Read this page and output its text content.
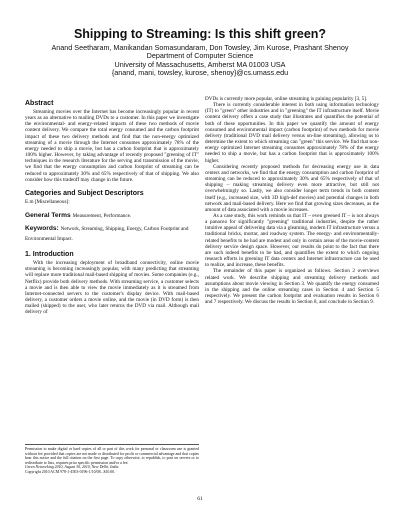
Shipping to Streaming: Is this shift green?
Anand Seetharam, Manikandan Somasundaram, Don Towsley, Jim Kurose, Prashant Shenoy
Department of Computer Science
University of Massachusetts, Amherst MA 01003 USA
{anand, mani, towsley, kurose, shenoy}@cs.umass.edu
Abstract

Streaming movies over the Internet has become increasingly popular in recent years as an alternative to mailing DVDs to a customer. In this paper we investigate the environmental- and energy-related impacts of these two methods of movie content delivery. We compare the total energy consumed and the carbon footprint impact of these two delivery methods and find that the non-energy optimized streaming of a movie through the Internet consumes approximately 78% of the energy needed to ship a movie, but has a carbon footprint that is approximately 100% higher. However, by taking advantage of recently proposed "greening of IT" techniques in the research literature for the serving and transmission of the movie, we find that the energy consumption and carbon footprint of streaming can be reduced to approximately 30% and 65% respectively of that of shipping. We also consider how this tradeoff may change in the future.

Categories and Subject Descriptors

E.m [Miscellaneous]:

General Terms Measurement, Performance.
Keywords: Network, Streaming, Shipping, Energy, Carbon Footprint and Environmental Impact.
1. Introduction

With the increasing deployment of broadband connectivity, online movie streaming is becoming increasingly popular, with many predicting that streaming will replace more traditional mail-based shipping of movies. Some companies (e.g., Netflix) provide both delivery methods. With streaming service, a customer selects a movie and is then able to view the movie immediately as it is streamed from Internet-connected servers to the customer's display device. With mail-based delivery, a customer orders a movie online, and the movie (in DVD form) is then mailed (shipped) to the user, who later returns the DVD via mail. Although mail delivery of

Permission to make digital or hard copies of all or part of this work for personal or classroom use is granted without fee provided that copies are not made or distributed for profit or commercial advantage and that copies bear this notice and the full citation on the first page. To copy otherwise, to republish, to post on servers or to redistribute to lists, requires prior specific permission and/or a fee.

Green Networking 2010, August 30, 2010, New Delhi, India.

Copyright 2010 ACM 978-1-4503-0196-1/10/08...$10.00.

DVDs is currently more popular, online streaming is gaining popularity [3, 5].

There is currently considerable interest in both using information technology (IT) to "green" other industries and in "greening" the IT infrastructure itself. Movie content delivery offers a case study that illustrates and quantifies the potential of both of these opportunities. In this paper we quantify the amount of energy consumed and environmental impact (carbon footprint) of two methods for movie delivery (traditional DVD mail delivery versus on-line streaming), allowing us to determine the extent to which streaming can "green" this service. We find that non-energy optimized Internet streaming consumes approximately 78% of the energy needed to ship a movie, but has a carbon footprint that is approximately 100% higher.

Considering recently proposed methods for decreasing energy use in data centers and networks, we find that the energy consumption and carbon footprint of streaming can be reduced to approximately 30% and 65% respectively of that of shipping – making streaming delivery even more attractive, but still not overwhelmingly so. Lastly, we also consider longer term trends in both content itself (e.g., increased size, with 3D high-def movies) and potential changes in both network and mail-based delivery. Here we find that growing sizes decreases, as the amount of data associated with a movie increases.

As a case study, this work reminds us that IT – even greened IT – is not always a panacea for significantly "greening" traditional industries, despite the rather intuitive appeal of delivering data via a gleaming, modern IT infrastructure versus a traditional bricks, mortar, and roadway system. The energy- and environmentally-related benefits to be had are modest and only in certain areas of the movie-content delivery service design space. However, our results do point to the fact that there are such indeed benefits to be had, and quantifies the extent to which ongoing research efforts in greening IT data centers and Internet infrastructure can be used to realize, and increase, these benefits.

The remainder of this paper is organized as follows. Section 2 overviews related work. We describe shipping and streaming delivery methods and assumptions about movie viewing in Section 3. We quantify the energy consumed in the shipping and the online streaming cases in Section 4 and Section 5 respectively. We present the carbon footprint and evaluation results in Section 6 and 7 respectively. We discuss the results in Section 8, and conclude in Section 9.

61
